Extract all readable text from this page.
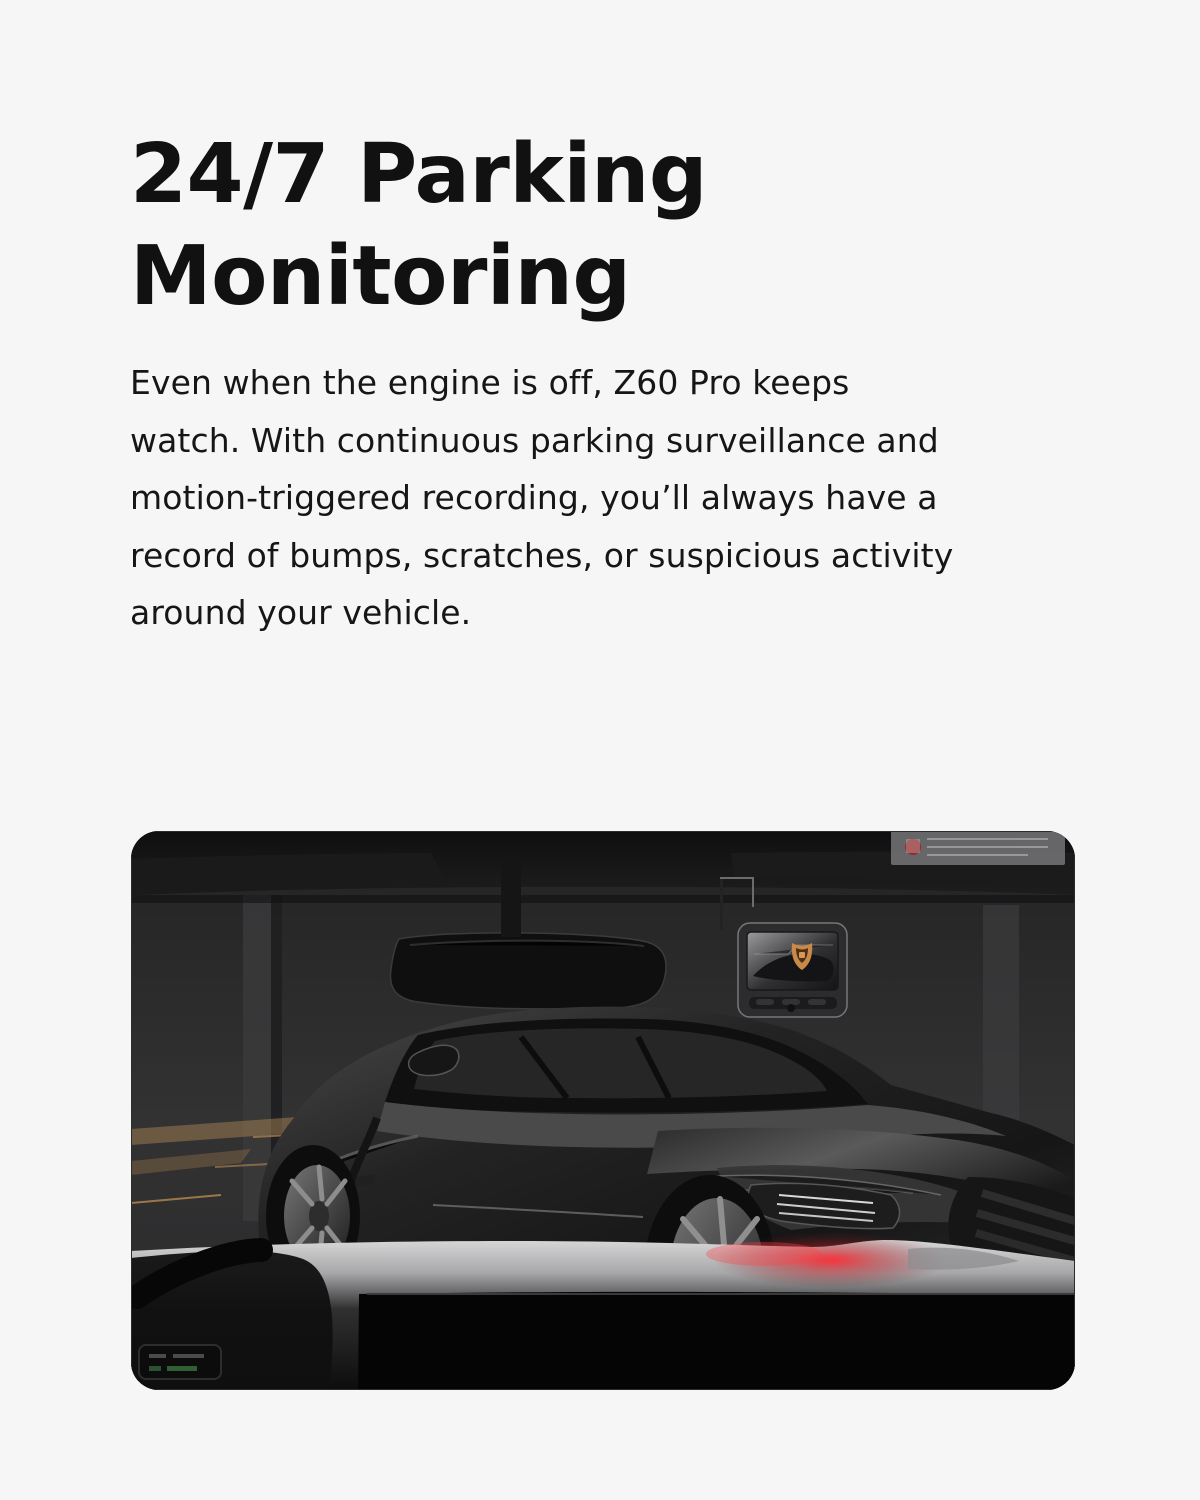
24/7 Parking
Monitoring

Even when the engine is off, Z60 Pro keeps
watch. With continuous parking surveillance and
motion-triggered recording, you’ll always have a
record of bumps, scratches, or suspicious activity
around your vehicle.
